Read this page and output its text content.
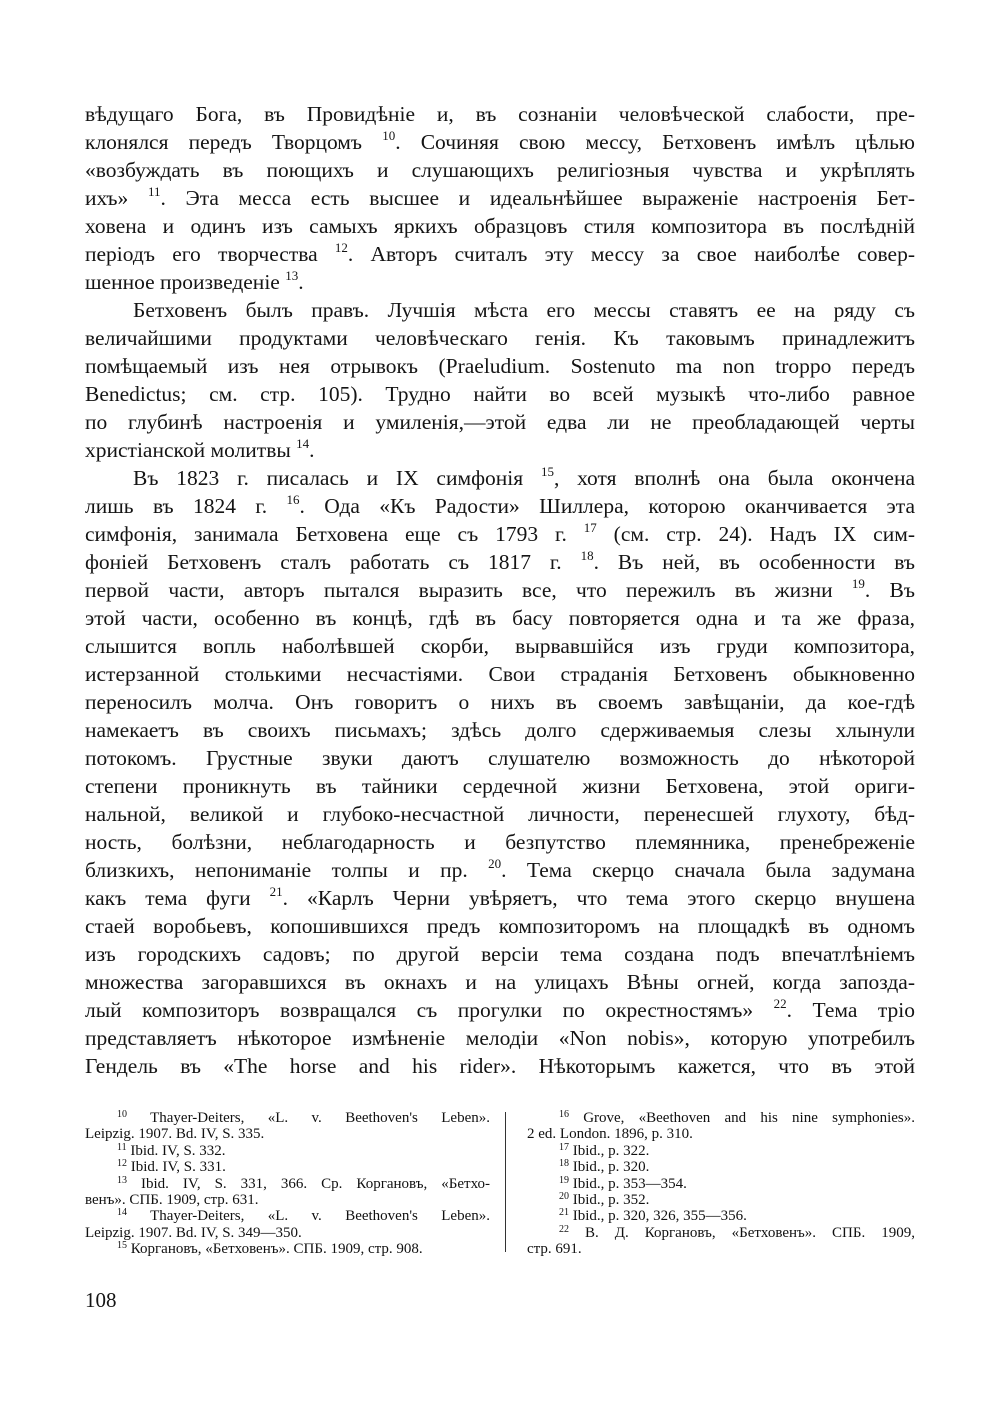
вѣдущаго Бога, въ Провидѣніе и, въ сознаніи человѣческой слабости, пре-
клонялся передъ Творцомъ $^{10}$. Сочиняя свою мессу, Бетховенъ имѣлъ цѣлью
«возбуждать въ поющихъ и слушающихъ религіозныя чувства и укрѣплять
ихъ» $^{11}$. Эта месса есть высшее и идеальнѣйшее выраженіе настроенія Бет-
ховена и одинъ изъ самыхъ яркихъ образцовъ стиля композитора въ послѣдній
періодъ его творчества $^{12}$. Авторъ считалъ эту мессу за свое наиболѣе совер-
шенное произведеніе $^{13}$.
Бетховенъ былъ правъ. Лучшія мѣста его мессы ставятъ ее на ряду съ
величайшими продуктами человѣческаго генія. Къ таковымъ принадлежитъ
помѣщаемый изъ нея отрывокъ (Praeludium. Sostenuto ma non troppo передъ
Benedictus; см. стр. 105). Трудно найти во всей музыкѣ что-либо равное
по глубинѣ настроенія и умиленія,—этой едва ли не преобладающей черты
христіанской молитвы $^{14}$.
Въ 1823 г. писалась и IX симфонія $^{15}$, хотя вполнѣ она была окончена
лишь въ 1824 г. $^{16}$. Ода «Къ Радости» Шиллера, которою оканчивается эта
симфонія, занимала Бетховена еще съ 1793 г. $^{17}$ (см. стр. 24). Надъ IX сим-
фоніей Бетховенъ сталъ работать съ 1817 г. $^{18}$. Въ ней, въ особенности въ
первой части, авторъ пытался выразить все, что пережилъ въ жизни $^{19}$. Въ
этой части, особенно въ концѣ, гдѣ въ басу повторяется одна и та же фраза,
слышится вопль наболѣвшей скорби, вырвавшійся изъ груди композитора,
истерзанной столькими несчастіями. Свои страданія Бетховенъ обыкновенно
переносилъ молча. Онъ говоритъ о нихъ въ своемъ завѣщаніи, да кое-гдѣ
намекаетъ въ своихъ письмахъ; здѣсь долго сдерживаемыя слезы хлынули
потокомъ. Грустные звуки даютъ слушателю возможность до нѣкоторой
степени проникнуть въ тайники сердечной жизни Бетховена, этой ориги-
нальной, великой и глубоко-несчастной личности, перенесшей глухоту, бѣд-
ность, болѣзни, неблагодарность и безпутство племянника, пренебреженіе
близкихъ, непониманіе толпы и пр. $^{20}$. Тема скерцо сначала была задумана
какъ тема фуги $^{21}$. «Карлъ Черни увѣряетъ, что тема этого скерцо внушена
стаей воробьевъ, копошившихся предъ композиторомъ на площадкѣ въ одномъ
изъ городскихъ садовъ; по другой версіи тема создана подъ впечатлѣніемъ
множества загоравшихся въ окнахъ и на улицахъ Вѣны огней, когда запозда-
лый композиторъ возвращался съ прогулки по окрестностямъ» $^{22}$. Тема тріо
представляетъ нѣкоторое измѣненіе мелодіи «Non nobis», которую употребилъ
Гендель въ «The horse and his rider». Нѣкоторымъ кажется, что въ этой
$^{10}$ Thayer-Deiters, «L. v. Beethoven's Leben».
Leipzig. 1907. Bd. IV, S. 335.
$^{11}$ Ibid. IV, S. 332.
$^{12}$ Ibid. IV, S. 331.
$^{13}$ Ibid. IV, S. 331, 366. Ср. Коргановъ, «Бетхо-
венъ». СПБ. 1909, стр. 631.
$^{14}$ Thayer-Deiters, «L. v. Beethoven's Leben».
Leipzig. 1907. Bd. IV, S. 349—350.
$^{15}$ Коргановъ, «Бетховенъ». СПБ. 1909, стр. 908.
$^{16}$ Grove, «Beethoven and his nine symphonies».
2 ed. London. 1896, p. 310.
$^{17}$ Ibid., p. 322.
$^{18}$ Ibid., p. 320.
$^{19}$ Ibid., p. 353—354.
$^{20}$ Ibid., p. 352.
$^{21}$ Ibid., p. 320, 326, 355—356.
$^{22}$ В. Д. Коргановъ, «Бетховенъ». СПБ. 1909,
стр. 691.
108
